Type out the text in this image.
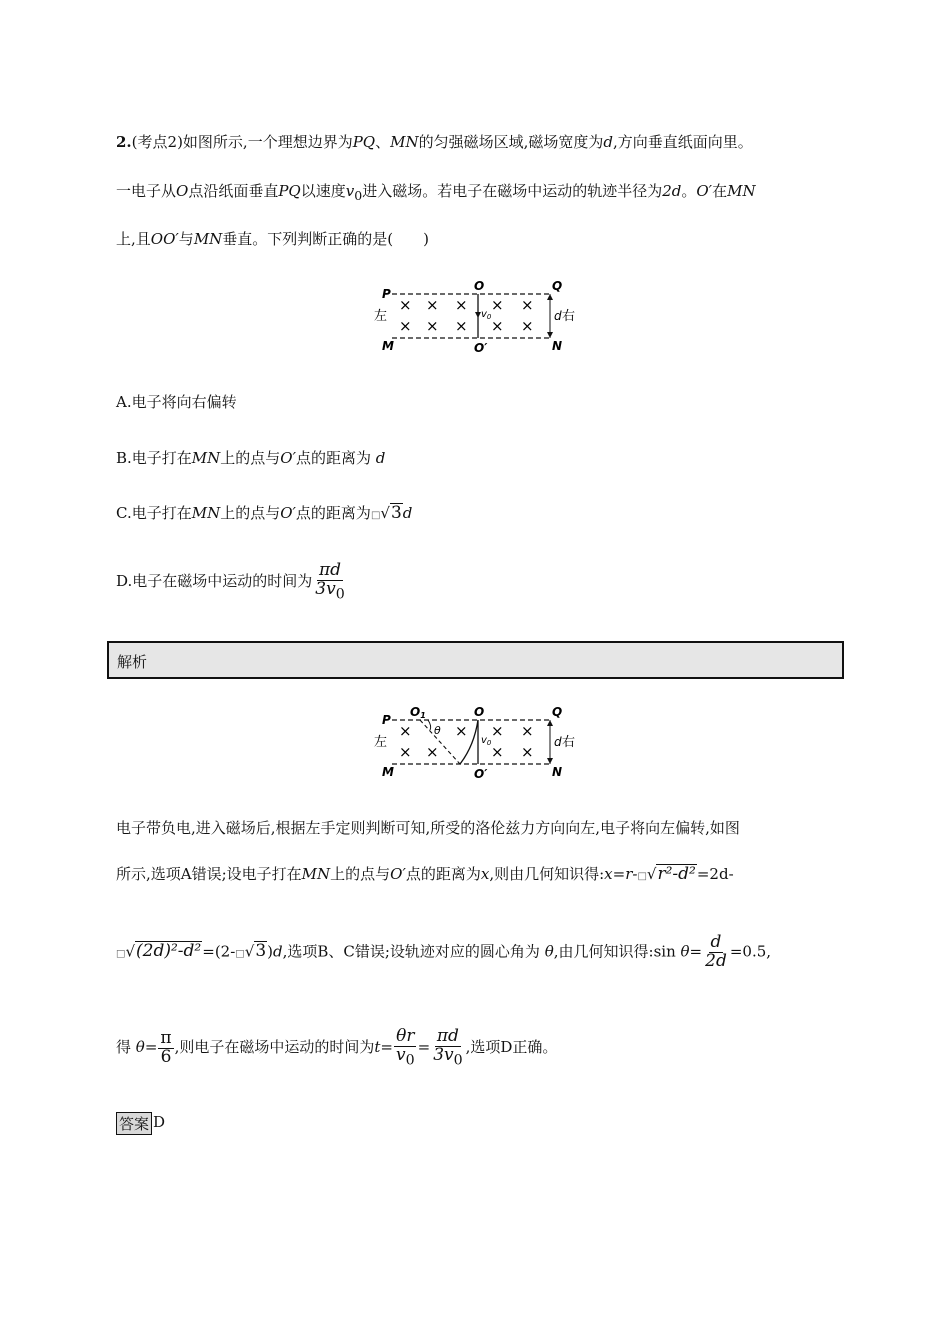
2.(考点2)如图所示,一个理想边界为PQ、MN的匀强磁场区域,磁场宽度为d,方向垂直纸面向里。
一电子从O点沿纸面垂直PQ以速度$v_0$进入磁场。若电子在磁场中运动的轨迹半径为2d。O′在MN
上,且OO′与MN垂直。下列判断正确的是(　　)
P
Q
M	N
O
O′
左	d 右
$v_0$
× × × × ×
× × × × ×
A.电子将向右偏转
B.电子打在MN上的点与O′点的距离为 d
C.电子打在MN上的点与O′点的距离为□√3d
D.电子在磁场中运动的时间为 $\frac{\pi d}{3v_0}$
解析
P
Q
M	N
O
O1
O′
左	d 右
θ
$v_0$
×	× × ×
× ×	× ×
电子带负电,进入磁场后,根据左手定则判断可知,所受的洛伦兹力方向向左,电子将向左偏转,如图
所示,选项A错误;设电子打在MN上的点与O′点的距离为x,则由几何知识得:x=r-□√r²-d²=2d-
□√(2d)²-d²=(2-□√3)d,选项B、C错误;设轨迹对应的圆心角为 θ,由几何知识得:sin $\theta= \frac{d}{2d} =0.5$,
得 $\theta= \frac{\pi}{6}$ ,则电子在磁场中运动的时间为$t= \frac{\theta r}{v_0} = \frac{\pi d}{3v_0}$ ,选项D正确。
答案 D
